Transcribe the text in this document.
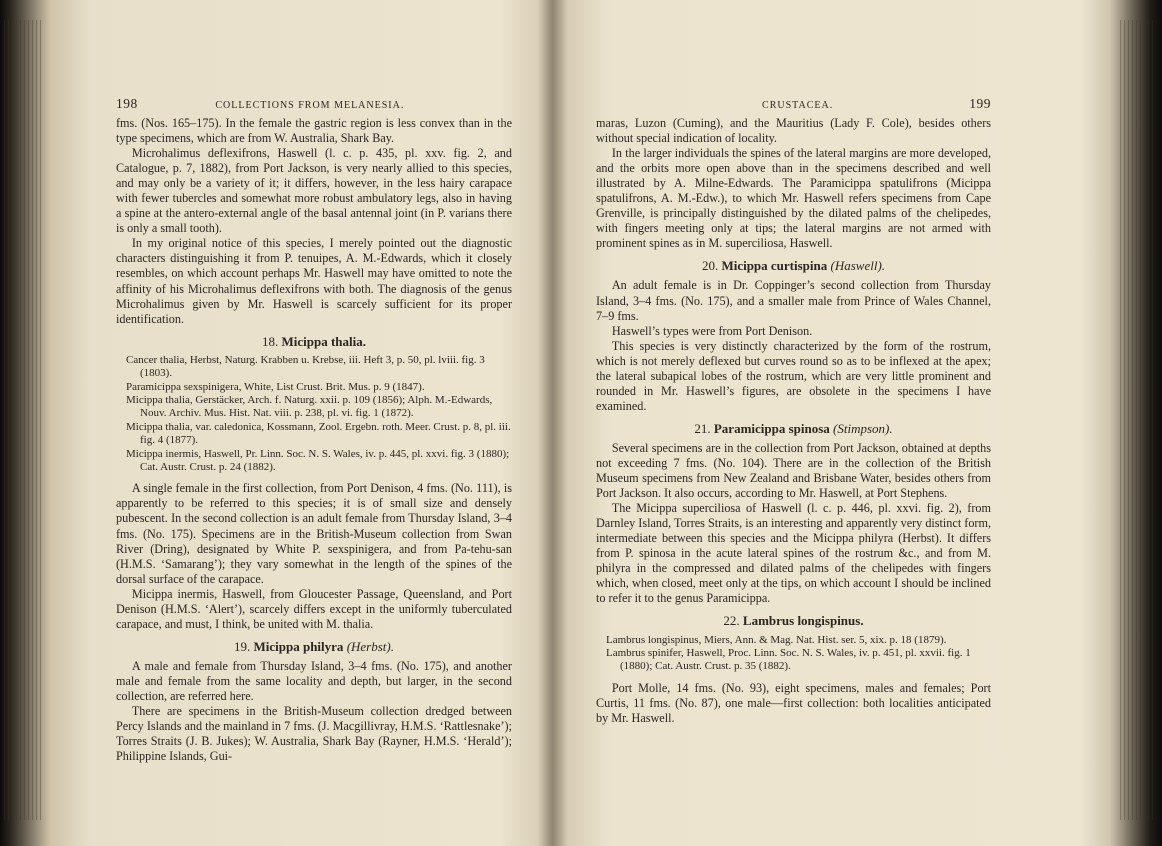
198	COLLECTIONS FROM MELANESIA.

fms. (Nos. 165–175). In the female the gastric region is less convex than in the type specimens, which are from W. Australia, Shark Bay.

Microhalimus deflexifrons, Haswell (l. c. p. 435, pl. xxv. fig. 2, and Catalogue, p. 7, 1882), from Port Jackson, is very nearly allied to this species, and may only be a variety of it; it differs, however, in the less hairy carapace with fewer tubercles and somewhat more robust ambulatory legs, also in having a spine at the antero-external angle of the basal antennal joint (in P. varians there is only a small tooth).

In my original notice of this species, I merely pointed out the diagnostic characters distinguishing it from P. tenuipes, A. M.-Edwards, which it closely resembles, on which account perhaps Mr. Haswell may have omitted to note the affinity of his Microhalimus deflexifrons with both. The diagnosis of the genus Microhalimus given by Mr. Haswell is scarcely sufficient for its proper identification.

18. Micippa thalia.
Cancer thalia, Herbst, Naturg. Krabben u. Krebse, iii. Heft 3, p. 50, pl. lviii. fig. 3 (1803).
Paramicippa sexspinigera, White, List Crust. Brit. Mus. p. 9 (1847).
Micippa thalia, Gerstäcker, Arch. f. Naturg. xxii. p. 109 (1856); Alph. M.-Edwards, Nouv. Archiv. Mus. Hist. Nat. viii. p. 238, pl. vi. fig. 1 (1872).
Micippa thalia, var. caledonica, Kossmann, Zool. Ergebn. roth. Meer. Crust. p. 8, pl. iii. fig. 4 (1877).
Micippa inermis, Haswell, Pr. Linn. Soc. N. S. Wales, iv. p. 445, pl. xxvi. fig. 3 (1880); Cat. Austr. Crust. p. 24 (1882).

A single female in the first collection, from Port Denison, 4 fms. (No. 111), is apparently to be referred to this species; it is of small size and densely pubescent. In the second collection is an adult female from Thursday Island, 3–4 fms. (No. 175). Specimens are in the British-Museum collection from Swan River (Dring), designated by White P. sexspinigera, and from Pa-tehu-san (H.M.S. ‘Samarang’); they vary somewhat in the length of the spines of the dorsal surface of the carapace.

Micippa inermis, Haswell, from Gloucester Passage, Queensland, and Port Denison (H.M.S. ‘Alert’), scarcely differs except in the uniformly tuberculated carapace, and must, I think, be united with M. thalia.

19. Micippa philyra (Herbst).

A male and female from Thursday Island, 3–4 fms. (No. 175), and another male and female from the same locality and depth, but larger, in the second collection, are referred here.

There are specimens in the British-Museum collection dredged between Percy Islands and the mainland in 7 fms. (J. Macgillivray, H.M.S. ‘Rattlesnake’); Torres Straits (J. B. Jukes); W. Australia, Shark Bay (Rayner, H.M.S. ‘Herald’); Philippine Islands, Gui-

CRUSTACEA.	199

maras, Luzon (Cuming), and the Mauritius (Lady F. Cole), besides others without special indication of locality.

In the larger individuals the spines of the lateral margins are more developed, and the orbits more open above than in the specimens described and well illustrated by A. Milne-Edwards. The Paramicippa spatulifrons (Micippa spatulifrons, A. M.-Edw.), to which Mr. Haswell refers specimens from Cape Grenville, is principally distinguished by the dilated palms of the chelipedes, with fingers meeting only at tips; the lateral margins are not armed with prominent spines as in M. superciliosa, Haswell.

20. Micippa curtispina (Haswell).

An adult female is in Dr. Coppinger’s second collection from Thursday Island, 3–4 fms. (No. 175), and a smaller male from Prince of Wales Channel, 7–9 fms.

Haswell’s types were from Port Denison.

This species is very distinctly characterized by the form of the rostrum, which is not merely deflexed but curves round so as to be inflexed at the apex; the lateral subapical lobes of the rostrum, which are very little prominent and rounded in Mr. Haswell’s figures, are obsolete in the specimens I have examined.

21. Paramicippa spinosa (Stimpson).

Several specimens are in the collection from Port Jackson, obtained at depths not exceeding 7 fms. (No. 104). There are in the collection of the British Museum specimens from New Zealand and Brisbane Water, besides others from Port Jackson. It also occurs, according to Mr. Haswell, at Port Stephens.

The Micippa superciliosa of Haswell (l. c. p. 446, pl. xxvi. fig. 2), from Darnley Island, Torres Straits, is an interesting and apparently very distinct form, intermediate between this species and the Micippa philyra (Herbst). It differs from P. spinosa in the acute lateral spines of the rostrum &c., and from M. philyra in the compressed and dilated palms of the chelipedes with fingers which, when closed, meet only at the tips, on which account I should be inclined to refer it to the genus Paramicippa.

22. Lambrus longispinus.
Lambrus longispinus, Miers, Ann. & Mag. Nat. Hist. ser. 5, xix. p. 18 (1879).
Lambrus spinifer, Haswell, Proc. Linn. Soc. N. S. Wales, iv. p. 451, pl. xxvii. fig. 1 (1880); Cat. Austr. Crust. p. 35 (1882).

Port Molle, 14 fms. (No. 93), eight specimens, males and females; Port Curtis, 11 fms. (No. 87), one male—first collection: both localities anticipated by Mr. Haswell.
